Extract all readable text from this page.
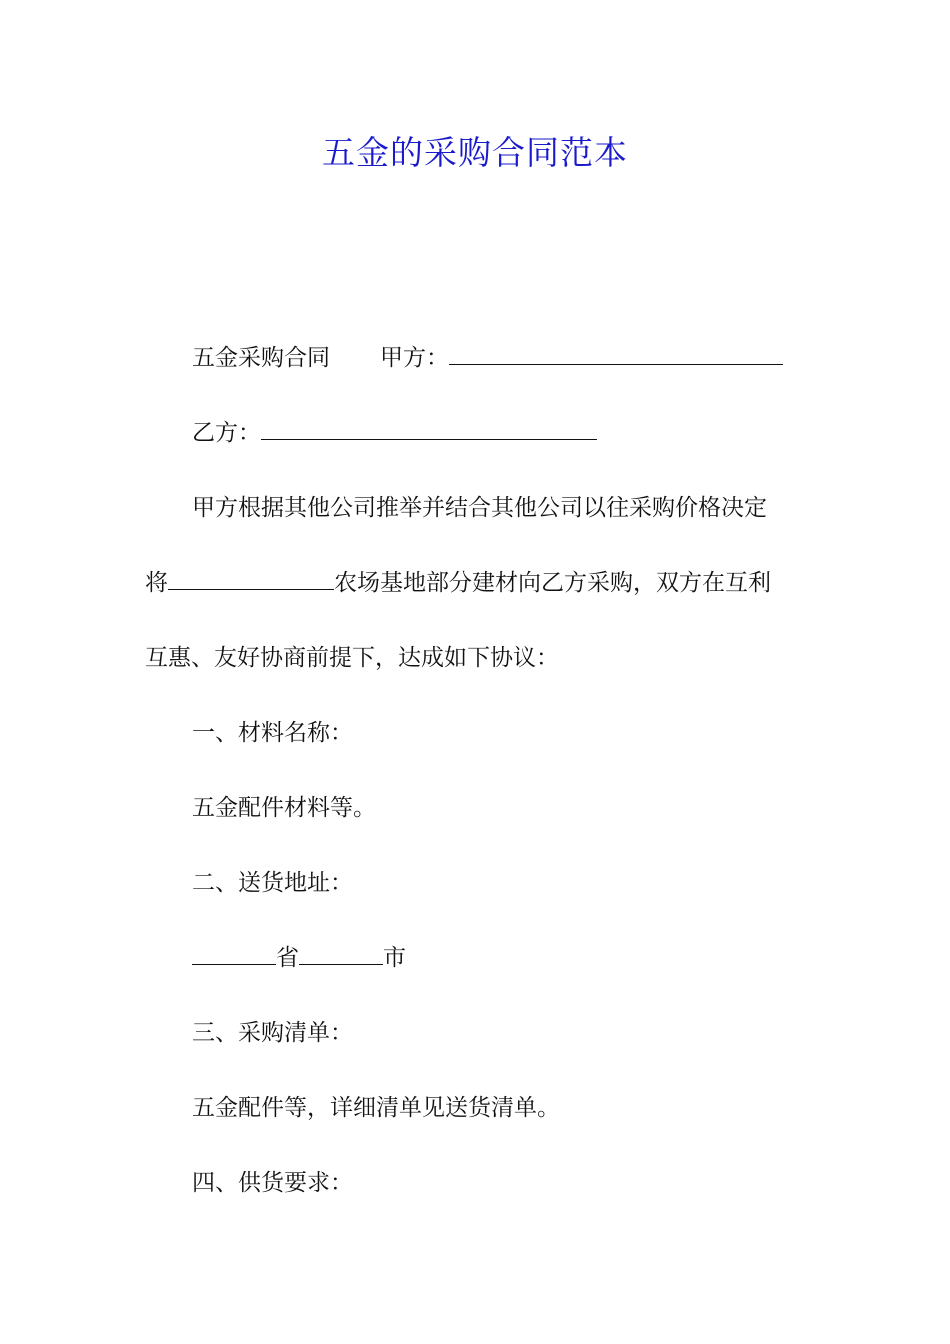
五金的采购合同范本

五金采购合同 甲方：

乙方：

甲方根据其他公司推举并结合其他公司以往采购价格决定

将	农场基地部分建材向乙方采购，双方在互利

互惠、友好协商前提下，达成如下协议：

一、材料名称：

五金配件材料等。

二、送货地址：

省	市

三、采购清单：

五金配件等，详细清单见送货清单。

四、供货要求：
